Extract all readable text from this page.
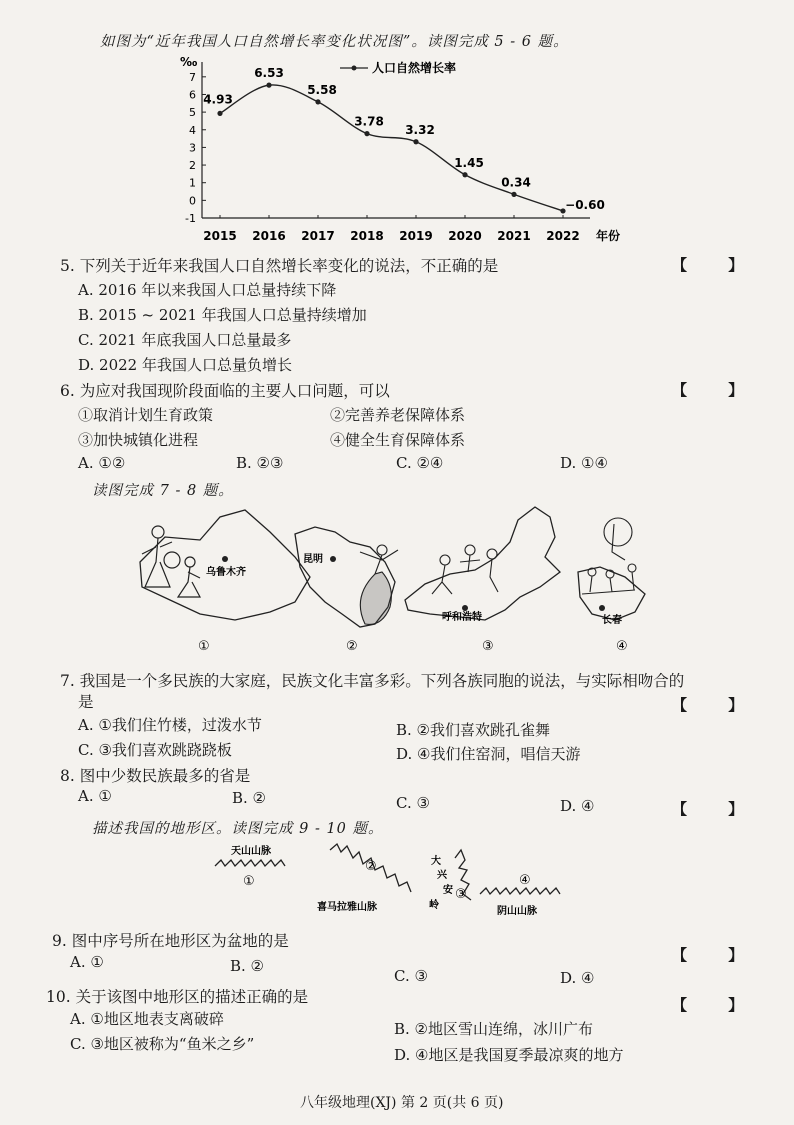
如图为“近年我国人口自然增长率变化状况图”。读图完成 5 - 6 题。
7
6
5
4
3
2
1
0
-1
‰
2015 2016 2017 2018 2019 2020 2021 2022 年份
人口自然增长率
4.93
6.53
5.58
3.78
3.32
1.45
0.34
−0.60
5. 下列关于近年来我国人口自然增长率变化的说法，不正确的是	【 】
A. 2016 年以来我国人口总量持续下降
B. 2015 ~ 2021 年我国人口总量持续增加
C. 2021 年底我国人口总量最多
D. 2022 年我国人口总量负增长
6. 为应对我国现阶段面临的主要人口问题，可以	【 】
①取消计划生育政策	②完善养老保障体系
③加快城镇化进程	④健全生育保障体系
A. ①②	B. ②③	C. ②④	D. ①④
读图完成 7 - 8 题。
乌鲁木齐
①
昆明
②
呼和浩特
③
长春
④
7. 我国是一个多民族的大家庭，民族文化丰富多彩。下列各族同胞的说法，与实际相吻合的
是	【 】
A. ①我们住竹楼，过泼水节	B. ②我们喜欢跳孔雀舞
C. ③我们喜欢跳跷跷板	D. ④我们住窑洞，唱信天游
8. 图中少数民族最多的省是
【 】
A. ①	B. ②	C. ③	D. ④
描述我国的地形区。读图完成 9 - 10 题。
天山山脉
①
②
喜马拉雅山脉
大
兴
安
岭
③
④
阴山山脉
9. 图中序号所在地形区为盆地的是
【 】
A. ①	B. ②
C. ③	D. ④
10. 关于该图中地形区的描述正确的是	【 】
A. ①地区地表支离破碎
B. ②地区雪山连绵，冰川广布
C. ③地区被称为“鱼米之乡”
D. ④地区是我国夏季最凉爽的地方
八年级地理(XJ) 第 2 页(共 6 页)
